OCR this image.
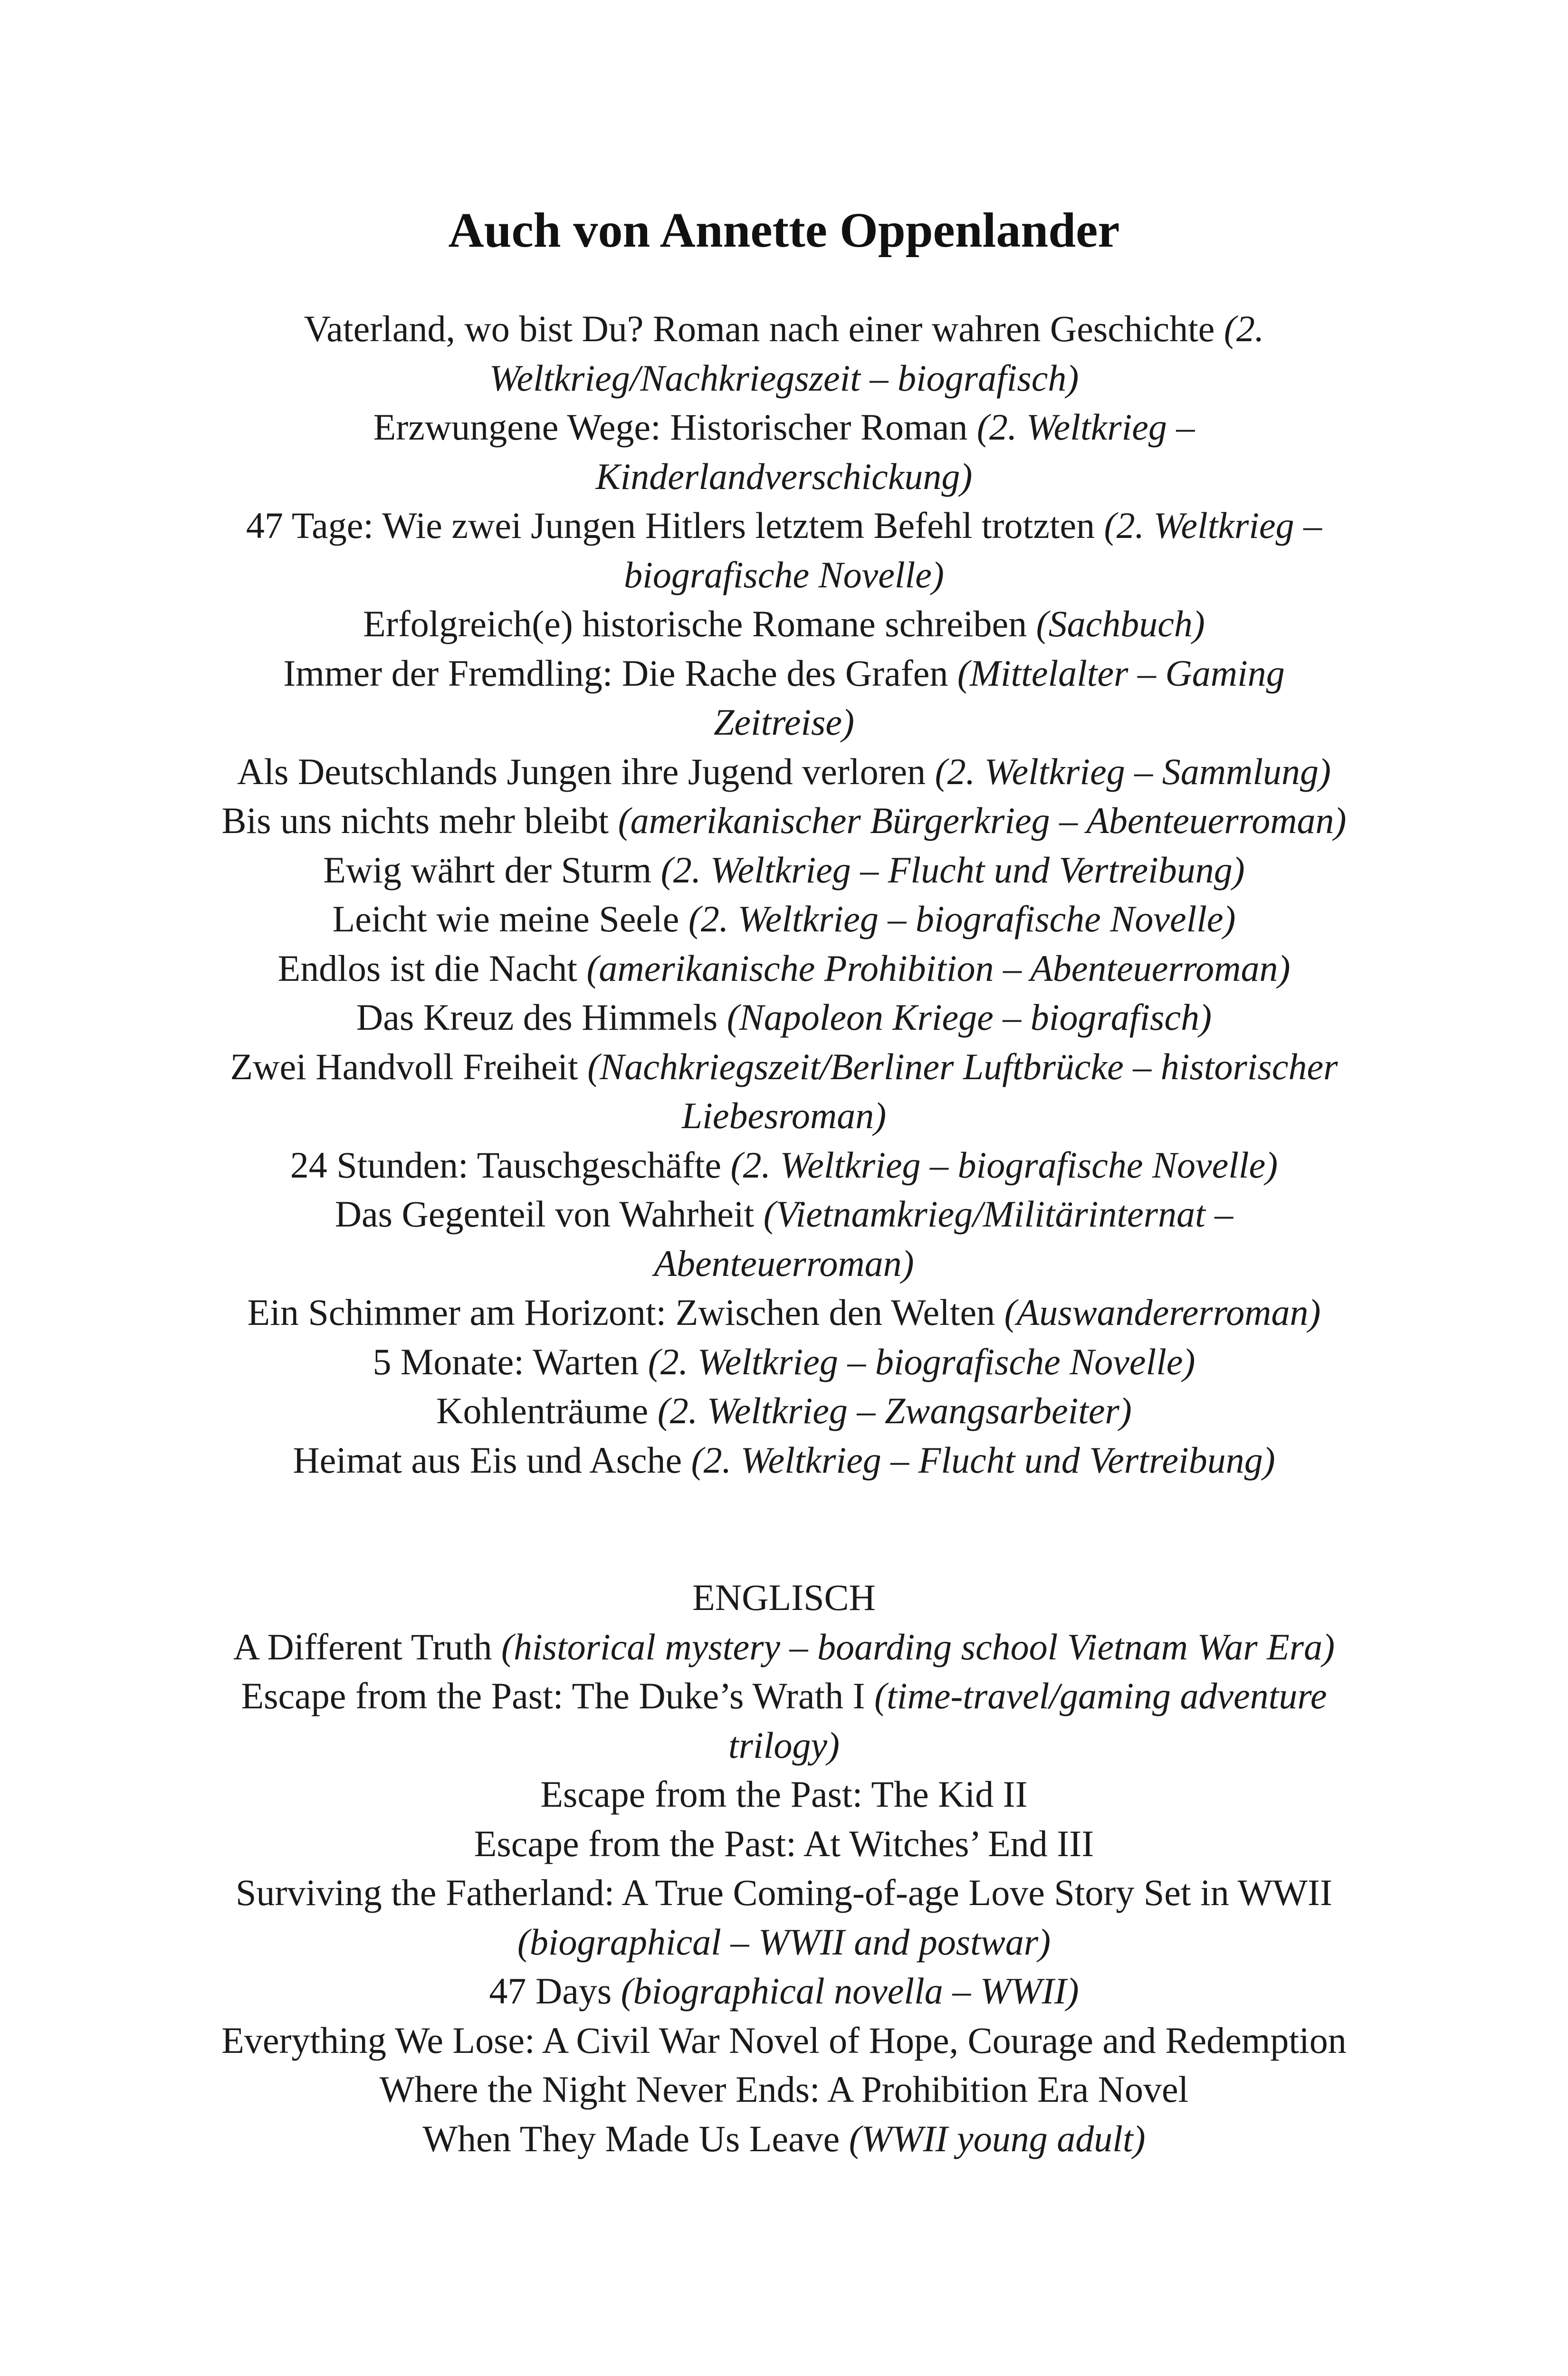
Auch von Annette Oppenlander
Vaterland, wo bist Du? Roman nach einer wahren Geschichte (2. Weltkrieg/Nachkriegszeit – biografisch)
Erzwungene Wege: Historischer Roman (2. Weltkrieg – Kinderlandverschickung)
47 Tage: Wie zwei Jungen Hitlers letztem Befehl trotzten (2. Weltkrieg – biografische Novelle)
Erfolgreich(e) historische Romane schreiben (Sachbuch)
Immer der Fremdling: Die Rache des Grafen (Mittelalter – Gaming Zeitreise)
Als Deutschlands Jungen ihre Jugend verloren (2. Weltkrieg – Sammlung)
Bis uns nichts mehr bleibt (amerikanischer Bürgerkrieg – Abenteuerroman)
Ewig währt der Sturm (2. Weltkrieg – Flucht und Vertreibung)
Leicht wie meine Seele (2. Weltkrieg – biografische Novelle)
Endlos ist die Nacht (amerikanische Prohibition – Abenteuerroman)
Das Kreuz des Himmels (Napoleon Kriege – biografisch)
Zwei Handvoll Freiheit (Nachkriegszeit/Berliner Luftbrücke – historischer Liebesroman)
24 Stunden: Tauschgeschäfte (2. Weltkrieg – biografische Novelle)
Das Gegenteil von Wahrheit (Vietnamkrieg/Militärinternat – Abenteuerroman)
Ein Schimmer am Horizont: Zwischen den Welten (Auswandererroman)
5 Monate: Warten (2. Weltkrieg – biografische Novelle)
Kohlenträume (2. Weltkrieg – Zwangsarbeiter)
Heimat aus Eis und Asche (2. Weltkrieg – Flucht und Vertreibung)
ENGLISCH
A Different Truth (historical mystery – boarding school Vietnam War Era)
Escape from the Past: The Duke’s Wrath I (time-travel/gaming adventure trilogy)
Escape from the Past: The Kid II
Escape from the Past: At Witches’ End III
Surviving the Fatherland: A True Coming-of-age Love Story Set in WWII
(biographical – WWII and postwar)
47 Days (biographical novella – WWII)
Everything We Lose: A Civil War Novel of Hope, Courage and Redemption
Where the Night Never Ends: A Prohibition Era Novel
When They Made Us Leave (WWII young adult)
